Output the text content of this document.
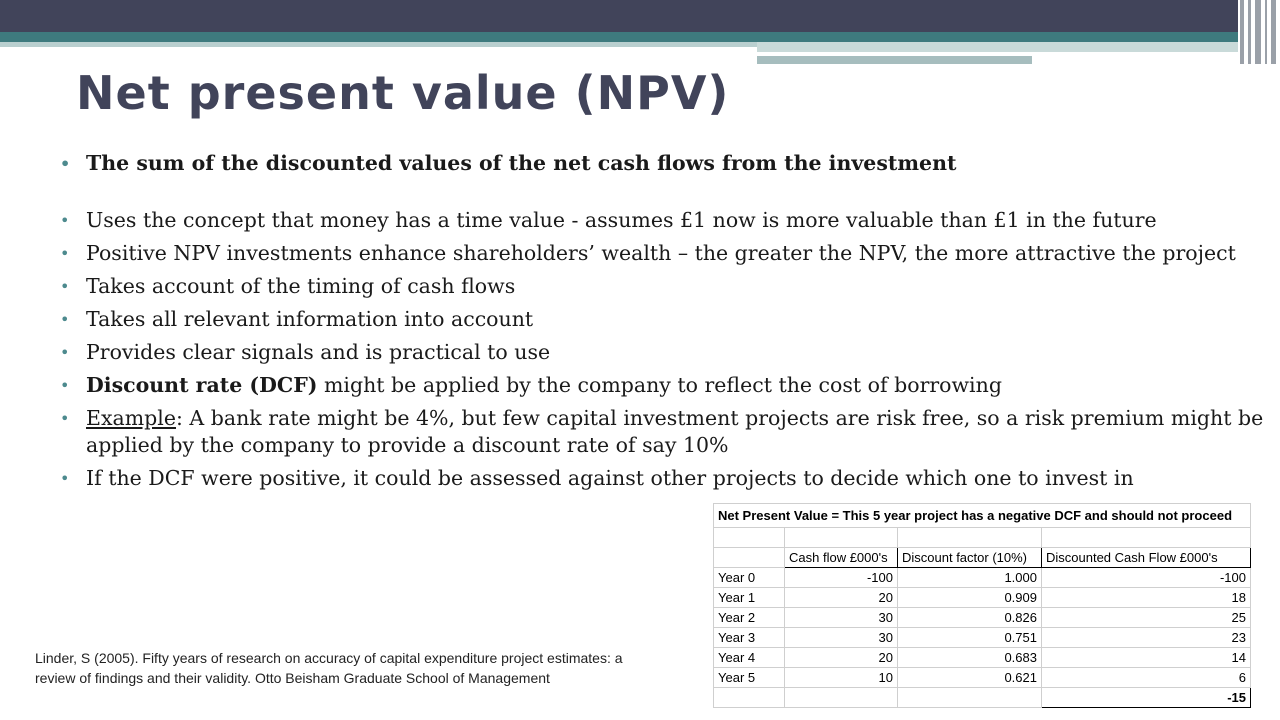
Net present value (NPV)
• The sum of the discounted values of the net cash flows from the investment
• Uses the concept that money has a time value - assumes £1 now is more valuable than £1 in the future
• Positive NPV investments enhance shareholders’ wealth – the greater the NPV, the more attractive the project
• Takes account of the timing of cash flows
• Takes all relevant information into account
• Provides clear signals and is practical to use
• Discount rate (DCF) might be applied by the company to reflect the cost of borrowing
• Example: A bank rate might be 4%, but few capital investment projects are risk free, so a risk premium might be applied by the company to provide a discount rate of say 10%
• If the DCF were positive, it could be assessed against other projects to decide which one to invest in
Net Present Value = This 5 year project has a negative DCF and should not proceed			

	Cash flow £000's	Discount factor (10%)	Discounted Cash Flow £000's
Year 0	-100	1.000	-100
Year 1	20	0.909	18
Year 2	30	0.826	25
Year 3	30	0.751	23
Year 4	20	0.683	14
Year 5	10	0.621	6
			-15
Linder, S (2005). Fifty years of research on accuracy of capital expenditure project estimates: a review of findings and their validity. Otto Beisham Graduate School of Management
